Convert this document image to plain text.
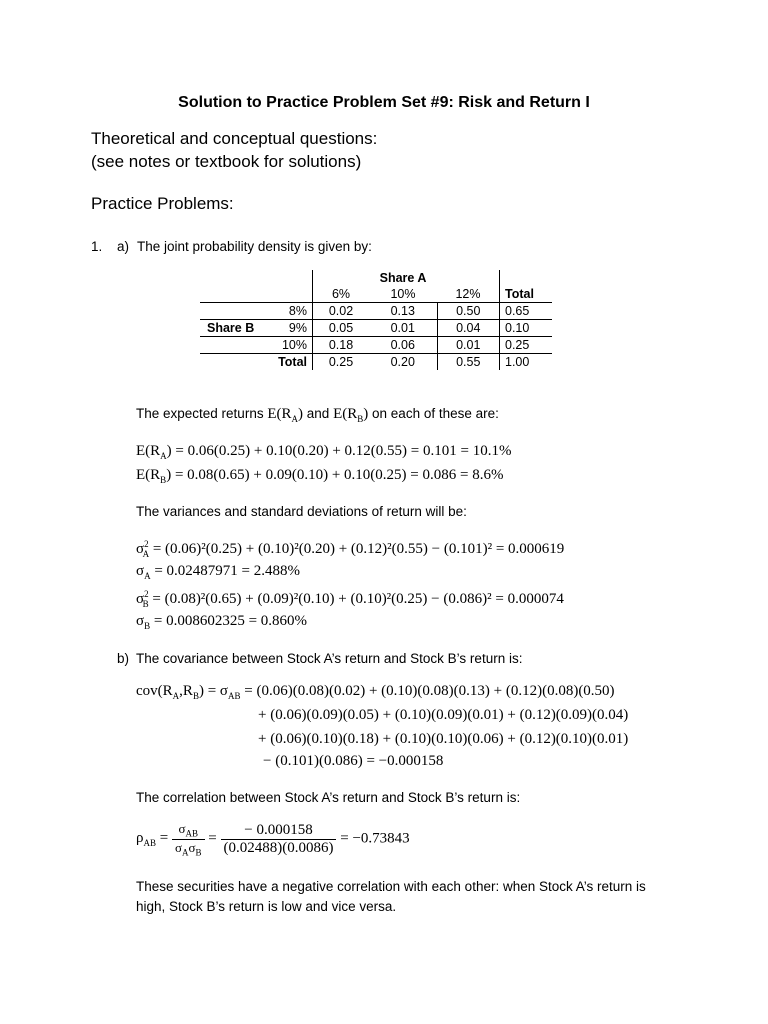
Solution to Practice Problem Set #9: Risk and Return I
Theoretical and conceptual questions:
(see notes or textbook for solutions)
Practice Problems:
1. a) The joint probability density is given by:
		Share A		
	6%	10%	12%	Total
8%	0.02	0.13	0.50	0.65

Share B 9%	0.05	0.01	0.04	0.10
10%	0.18	0.06	0.01	0.25
Total	0.25	0.20	0.55	1.00
The expected returns $E(R_A)$ and $E(R_B)$ on each of these are:
$E(R_A) = 0.06(0.25) + 0.10(0.20) + 0.12(0.55) = 0.101 = 10.1\%$
$E(R_B) = 0.08(0.65) + 0.09(0.10) + 0.10(0.25) = 0.086 = 8.6\%$
The variances and standard deviations of return will be:
$\sigma^2_A = (0.06)^2(0.25) + (0.10)^2(0.20) + (0.12)^2(0.55) - (0.101)^2 = 0.000619$
$\sigma_A = 0.02487971 = 2.488\%$
$\sigma^2_B = (0.08)^2(0.65) + (0.09)^2(0.10) + (0.10)^2(0.25) - (0.086)^2 = 0.000074$
$\sigma_B = 0.008602325 = 0.860\%$
b) The covariance between Stock A’s return and Stock B’s return is:
$cov(R_A,R_B) = \sigma_{AB} = (0.06)(0.08)(0.02) + (0.10)(0.08)(0.13) + (0.12)(0.08)(0.50)$
+ (0.06)(0.09)(0.05) + (0.10)(0.09)(0.01) + (0.12)(0.09)(0.04)
+ (0.06)(0.10)(0.18) + (0.10)(0.10)(0.06) + (0.12)(0.10)(0.01)
− (0.101)(0.086) = −0.000158
The correlation between Stock A’s return and Stock B’s return is:
$\rho_{AB} = \frac{\sigma_{AB}}{\sigma_A\sigma_B} = \frac{- 0.000158}{(0.02488)(0.0086)} = -0.73843$
These securities have a negative correlation with each other: when Stock A’s return is
high, Stock B’s return is low and vice versa.
